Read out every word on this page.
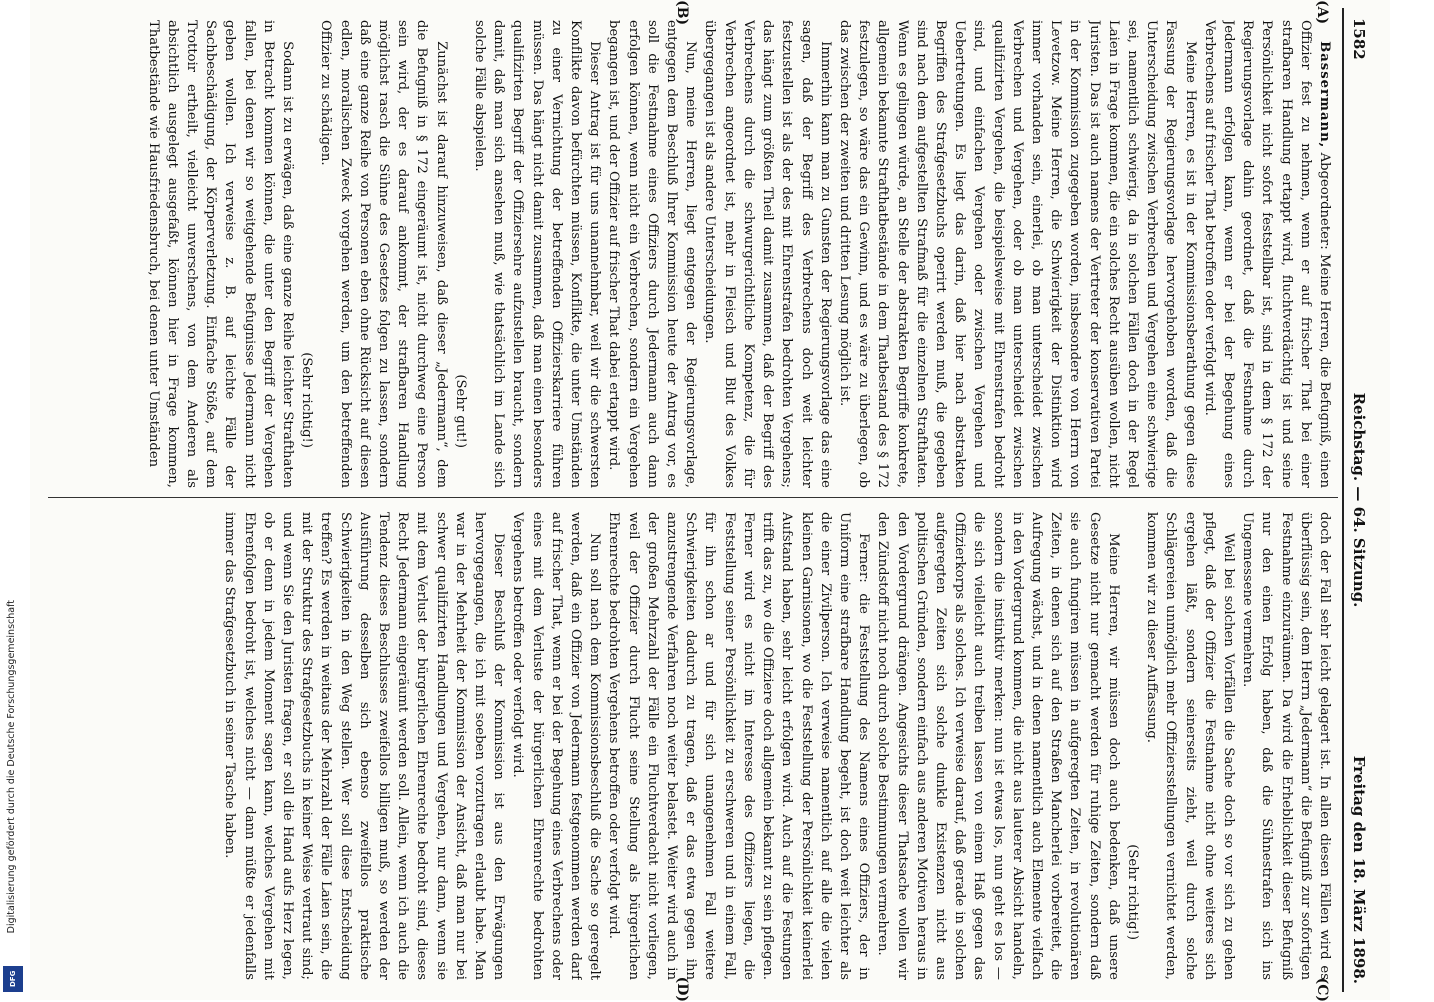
1582
Reichstag. — 64. Sitzung.
Freitag den 18. März 1898.
(A)
(B)
(C)
(D)

Bassermann, Abgeordneter: Meine Herren, die Befugniß, einen Offizier fest zu nehmen, wenn er auf frischer That bei einer strafbaren Handlung ertappt wird, fluchtverdächtig ist und seine Persönlichkeit nicht sofort feststellbar ist, sind in dem § 172 der Regierungsvorlage dahin geordnet, daß die Festnahme durch Jedermann erfolgen kann, wenn er bei der Begehung eines Verbrechens auf frischer That betroffen oder verfolgt wird.

Meine Herren, es ist in der Kommissionsberathung gegen diese Fassung der Regierungsvorlage hervorgehoben worden, daß die Unterscheidung zwischen Verbrechen und Vergehen eine schwierige sei, namentlich schwierig, da in solchen Fällen doch in der Regel Laien in Frage kommen, die ein solches Recht ausüben wollen, nicht Juristen. Das ist auch namens der Vertreter der konservativen Partei in der Kommission zugegeben worden, insbesondere von Herrn von Levetzow. Meine Herren, die Schwierigkeit der Distinktion wird immer vorhanden sein, einerlei, ob man unterscheidet zwischen Verbrechen und Vergehen, oder ob man unterscheidet zwischen qualifizirten Vergehen, die beispielsweise mit Ehrenstrafen bedroht sind, und einfachen Vergehen oder zwischen Vergehen und Uebertretungen. Es liegt das darin, daß hier nach abstrakten Begriffen des Strafgesetzbuchs operirt werden muß, die gegeben sind nach dem aufgestellten Strafmaß für die einzelnen Strafthaten. Wenn es gelingen würde, an Stelle der abstrakten Begriffe konkrete, allgemein bekannte Strafthatbestände in dem Thatbestand des § 172 festzulegen, so wäre das ein Gewinn, und es wäre zu überlegen, ob das zwischen der zweiten und dritten Lesung möglich ist.

Immerhin kann man zu Gunsten der Regierungsvorlage das eine sagen, daß der Begriff des Verbrechens doch weit leichter festzustellen ist als der des mit Ehrenstrafen bedrohten Vergehens; das hängt zum größten Theil damit zusammen, daß der Begriff des Verbrechens durch die schwurgerichtliche Kompetenz, die für Verbrechen angeordnet ist, mehr in Fleisch und Blut des Volkes übergegangen ist als andere Unterscheidungen.

Nun, meine Herren, liegt entgegen der Regierungsvorlage, entgegen dem Beschluß Ihrer Kommission heute der Antrag vor, es soll die Festnahme eines Offiziers durch Jedermann auch dann erfolgen können, wenn nicht ein Verbrechen, sondern ein Vergehen begangen ist, und der Offizier auf frischer That dabei ertappt wird.

Dieser Antrag ist für uns unannehmbar, weil wir die schwersten Konflikte davon befürchten müssen, Konflikte, die unter Umständen zu einer Vernichtung der betreffenden Offizierskarriere führen müssen. Das hängt nicht damit zusammen, daß man einen besonders qualifizirten Begriff der Offiziersehre aufzustellen braucht, sondern damit, daß man sich ansehen muß, wie thatsächlich im Lande sich solche Fälle abspielen.

(Sehr gut!)

Zunächst ist darauf hinzuweisen, daß dieser „Jedermann“, dem die Befugniß in § 172 eingeräumt ist, nicht durchweg eine Person sein wird, der es darauf ankommt, der strafbaren Handlung möglichst rasch die Sühne des Gesetzes folgen zu lassen, sondern daß eine ganze Reihe von Personen eben ohne Rücksicht auf diesen edlen, moralischen Zweck vorgehen werden, um den betreffenden Offizier zu schädigen.

(Sehr richtig!)

Sodann ist zu erwägen, daß eine ganze Reihe leichter Strafthaten in Betracht kommen können, die unter den Begriff der Vergehen fallen, bei denen wir so weitgehende Befugnisse Jedermann nicht geben wollen. Ich verweise z. B. auf leichte Fälle der Sachbeschädigung, der Körperverletzung. Einfache Stöße, auf dem Trottoir ertheilt, vielleicht unverschens, von dem Anderen als absichtlich ausgelegt ausgefaßt, können hier in Frage kommen, Thatbestände wie Hausfriedensbruch, bei denen unter Umständen

doch der Fall sehr leicht gelagert ist. In allen diesen Fällen wird es überflüssig sein, dem Herrn „Jedermann“ die Befugniß zur sofortigen Festnahme einzuräumen. Da wird die Erheblichkeit dieser Befugniß nur den einen Erfolg haben, daß die Sühnestrafen sich ins Ungemessene vermehren.

Weil bei solchen Vorfällen die Sache doch so vor sich zu gehen pflegt, daß der Offizier die Festnahme nicht ohne weiteres sich ergehen läßt, sondern seinerseits zieht, weil durch solche Schlägereien unmöglich mehr Offiziersstellungen vernichtet werden, kommen wir zu dieser Auffassung.

(Sehr richtig!)

Meine Herren, wir müssen doch auch bedenken, daß unsere Gesetze nicht nur gemacht werden für ruhige Zeiten, sondern daß sie auch fungiren müssen in aufgeregten Zeiten, in revolutionären Zeiten, in denen sich auf den Straßen Mancherlei vorbereitet, die Aufregung wächst, und in denen namentlich auch Elemente vielfach in den Vordergrund kommen, die nicht aus lauterer Absicht handeln, sondern die instinktiv merken: nun ist etwas los, nun geht es los — die sich vielleicht auch treiben lassen von einem Haß gegen das Offizierkorps als solches. Ich verweise darauf, daß gerade in solchen aufgeregten Zeiten sich solche dunkle Existenzen nicht aus politischen Gründen, sondern einfach aus anderen Motiven heraus in den Vordergrund drängen. Angesichts dieser Thatsache wollen wir den Zündstoff nicht noch durch solche Bestimmungen vermehren.

Ferner: die Feststellung des Namens eines Offiziers, der in Uniform eine strafbare Handlung begeht, ist doch weit leichter als die einer Zivilperson. Ich verweise namentlich auf alle die vielen kleinen Garnisonen, wo die Feststellung der Persönlichkeit keinerlei Aufstand haben, sehr leicht erfolgen wird. Auch auf die Festungen trifft das zu, wo die Offiziere doch allgemein bekannt zu sein pflegen. Ferner wird es nicht im Interesse des Offiziers liegen, die Feststellung seiner Persönlichkeit zu erschweren und in einem Fall, für ihn schon ar und für sich unangenehmen Fall weitere Schwierigkeiten dadurch zu tragen, daß er das etwa gegen ihn anzustrengende Verfahren noch weiter belastet. Weiter wird auch in der großen Mehrzahl der Fälle ein Fluchtverdacht nicht vorliegen, weil der Offizier durch Flucht seine Stellung als bürgerlichen Ehrenrechte bedrohten Vergehens betroffen oder verfolgt wird.

Nun soll nach dem Kommissionsbeschluß die Sache so geregelt werden, daß ein Offizier von Jedermann festgenommen werden darf auf frischer That, wenn er bei der Begehung eines Verbrechens oder eines mit dem Verluste der bürgerlichen Ehrenrechte bedrohten Vergehens betroffen oder verfolgt wird.

Dieser Beschluß der Kommission ist aus den Erwägungen hervorgegangen, die ich mit soeben vorzutragen erlaubt habe. Man war in der Mehrheit der Kommission der Ansicht, daß man nur bei schwer qualifizirten Handlungen und Vergehen, nur dann, wenn sie mit dem Verlust der bürgerlichen Ehrenrechte bedroht sind, dieses Recht Jedermann eingeräumt werden soll. Allein, wenn ich auch die Tendenz dieses Beschlusses zweifellos billigen muß, so werden der Ausführung desselben sich ebenso zweifellos praktische Schwierigkeiten in den Weg stellen. Wer soll diese Entscheidung treffen? Es werden in weitaus der Mehrzahl der Fälle Laien sein, die mit der Struktur des Strafgesetzbuchs in keiner Weise vertraut sind; und wenn Sie den Juristen fragen, er soll die Hand aufs Herz legen, ob er denn in jedem Moment sagen kann, welches Vergehen mit Ehrenfolgen bedroht ist, welches nicht — dann müßte er jedenfalls immer das Strafgesetzbuch in seiner Tasche haben.

Digitalisierung gefördert durch die Deutsche Forschungsgemeinschaft
DFG
